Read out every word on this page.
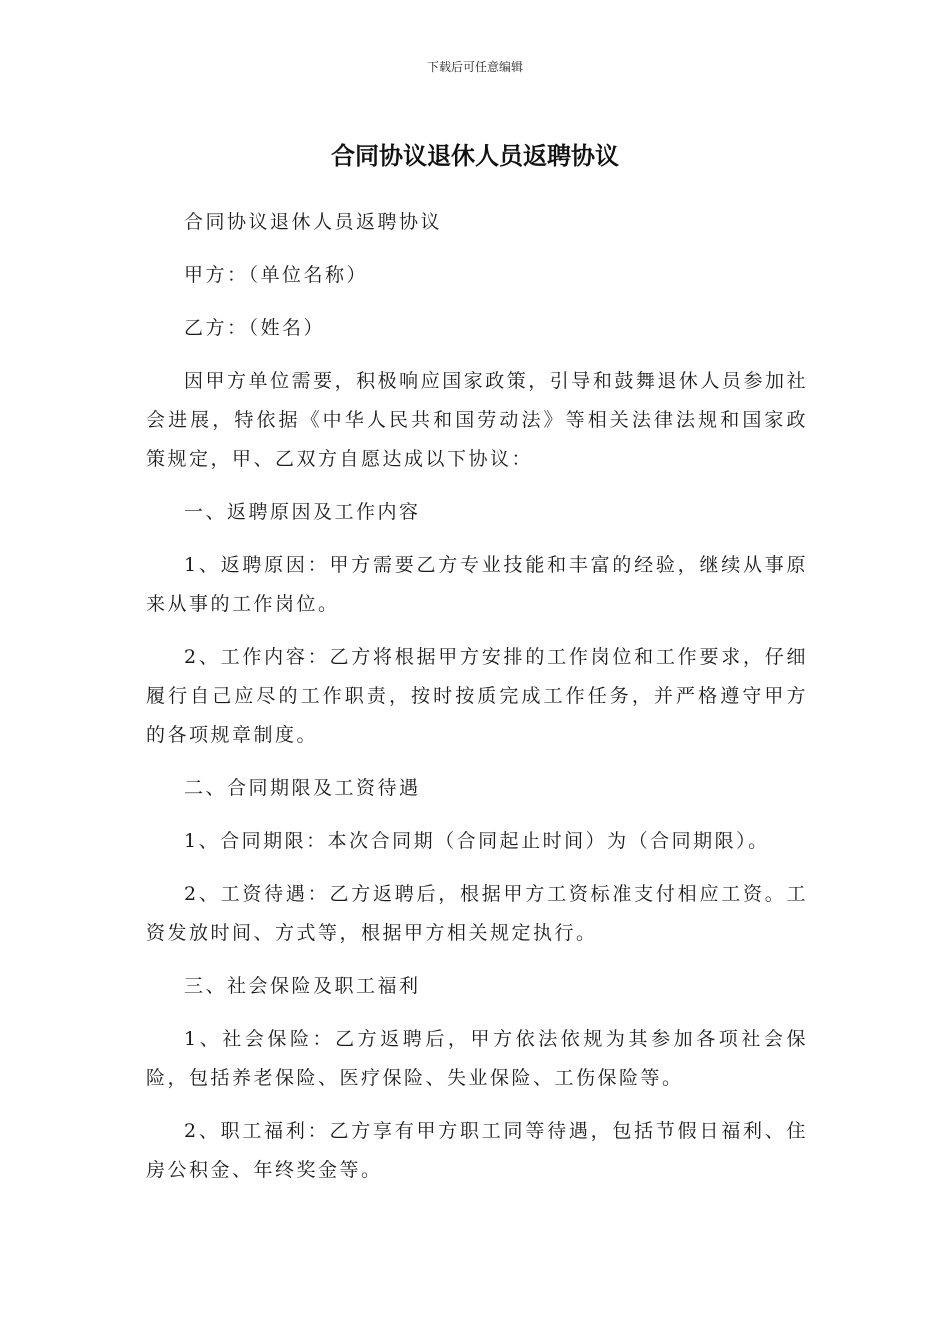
下载后可任意编辑
合同协议退休人员返聘协议

合同协议退休人员返聘协议

甲方：（单位名称）

乙方：（姓名）

因甲方单位需要，积极响应国家政策，引导和鼓舞退休人员参加社会进展，特依据《中华人民共和国劳动法》等相关法律法规和国家政策规定，甲、乙双方自愿达成以下协议：

一、返聘原因及工作内容

1、返聘原因：甲方需要乙方专业技能和丰富的经验，继续从事原来从事的工作岗位。

2、工作内容：乙方将根据甲方安排的工作岗位和工作要求，仔细履行自己应尽的工作职责，按时按质完成工作任务，并严格遵守甲方的各项规章制度。

二、合同期限及工资待遇

1、合同期限：本次合同期（合同起止时间）为（合同期限）。

2、工资待遇：乙方返聘后，根据甲方工资标准支付相应工资。工资发放时间、方式等，根据甲方相关规定执行。

三、社会保险及职工福利

1、社会保险：乙方返聘后，甲方依法依规为其参加各项社会保险，包括养老保险、医疗保险、失业保险、工伤保险等。

2、职工福利：乙方享有甲方职工同等待遇，包括节假日福利、住房公积金、年终奖金等。
